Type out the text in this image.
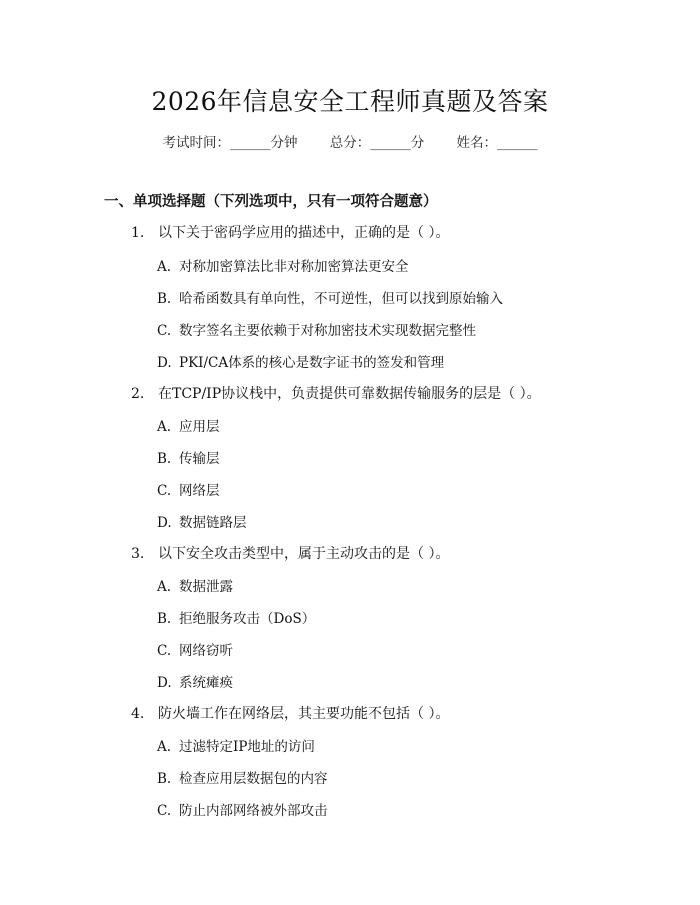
2026年信息安全工程师真题及答案
考试时间：______分钟 总分：______分 姓名：______
一、单项选择题（下列选项中，只有一项符合题意）
1. 以下关于密码学应用的描述中，正确的是（ ）。
A. 对称加密算法比非对称加密算法更安全
B. 哈希函数具有单向性，不可逆性，但可以找到原始输入
C. 数字签名主要依赖于对称加密技术实现数据完整性
D. PKI/CA体系的核心是数字证书的签发和管理
2. 在TCP/IP协议栈中，负责提供可靠数据传输服务的层是（ ）。
A. 应用层
B. 传输层
C. 网络层
D. 数据链路层
3. 以下安全攻击类型中，属于主动攻击的是（ ）。
A. 数据泄露
B. 拒绝服务攻击（DoS）
C. 网络窃听
D. 系统瘫痪
4. 防火墙工作在网络层，其主要功能不包括（ ）。
A. 过滤特定IP地址的访问
B. 检查应用层数据包的内容
C. 防止内部网络被外部攻击
